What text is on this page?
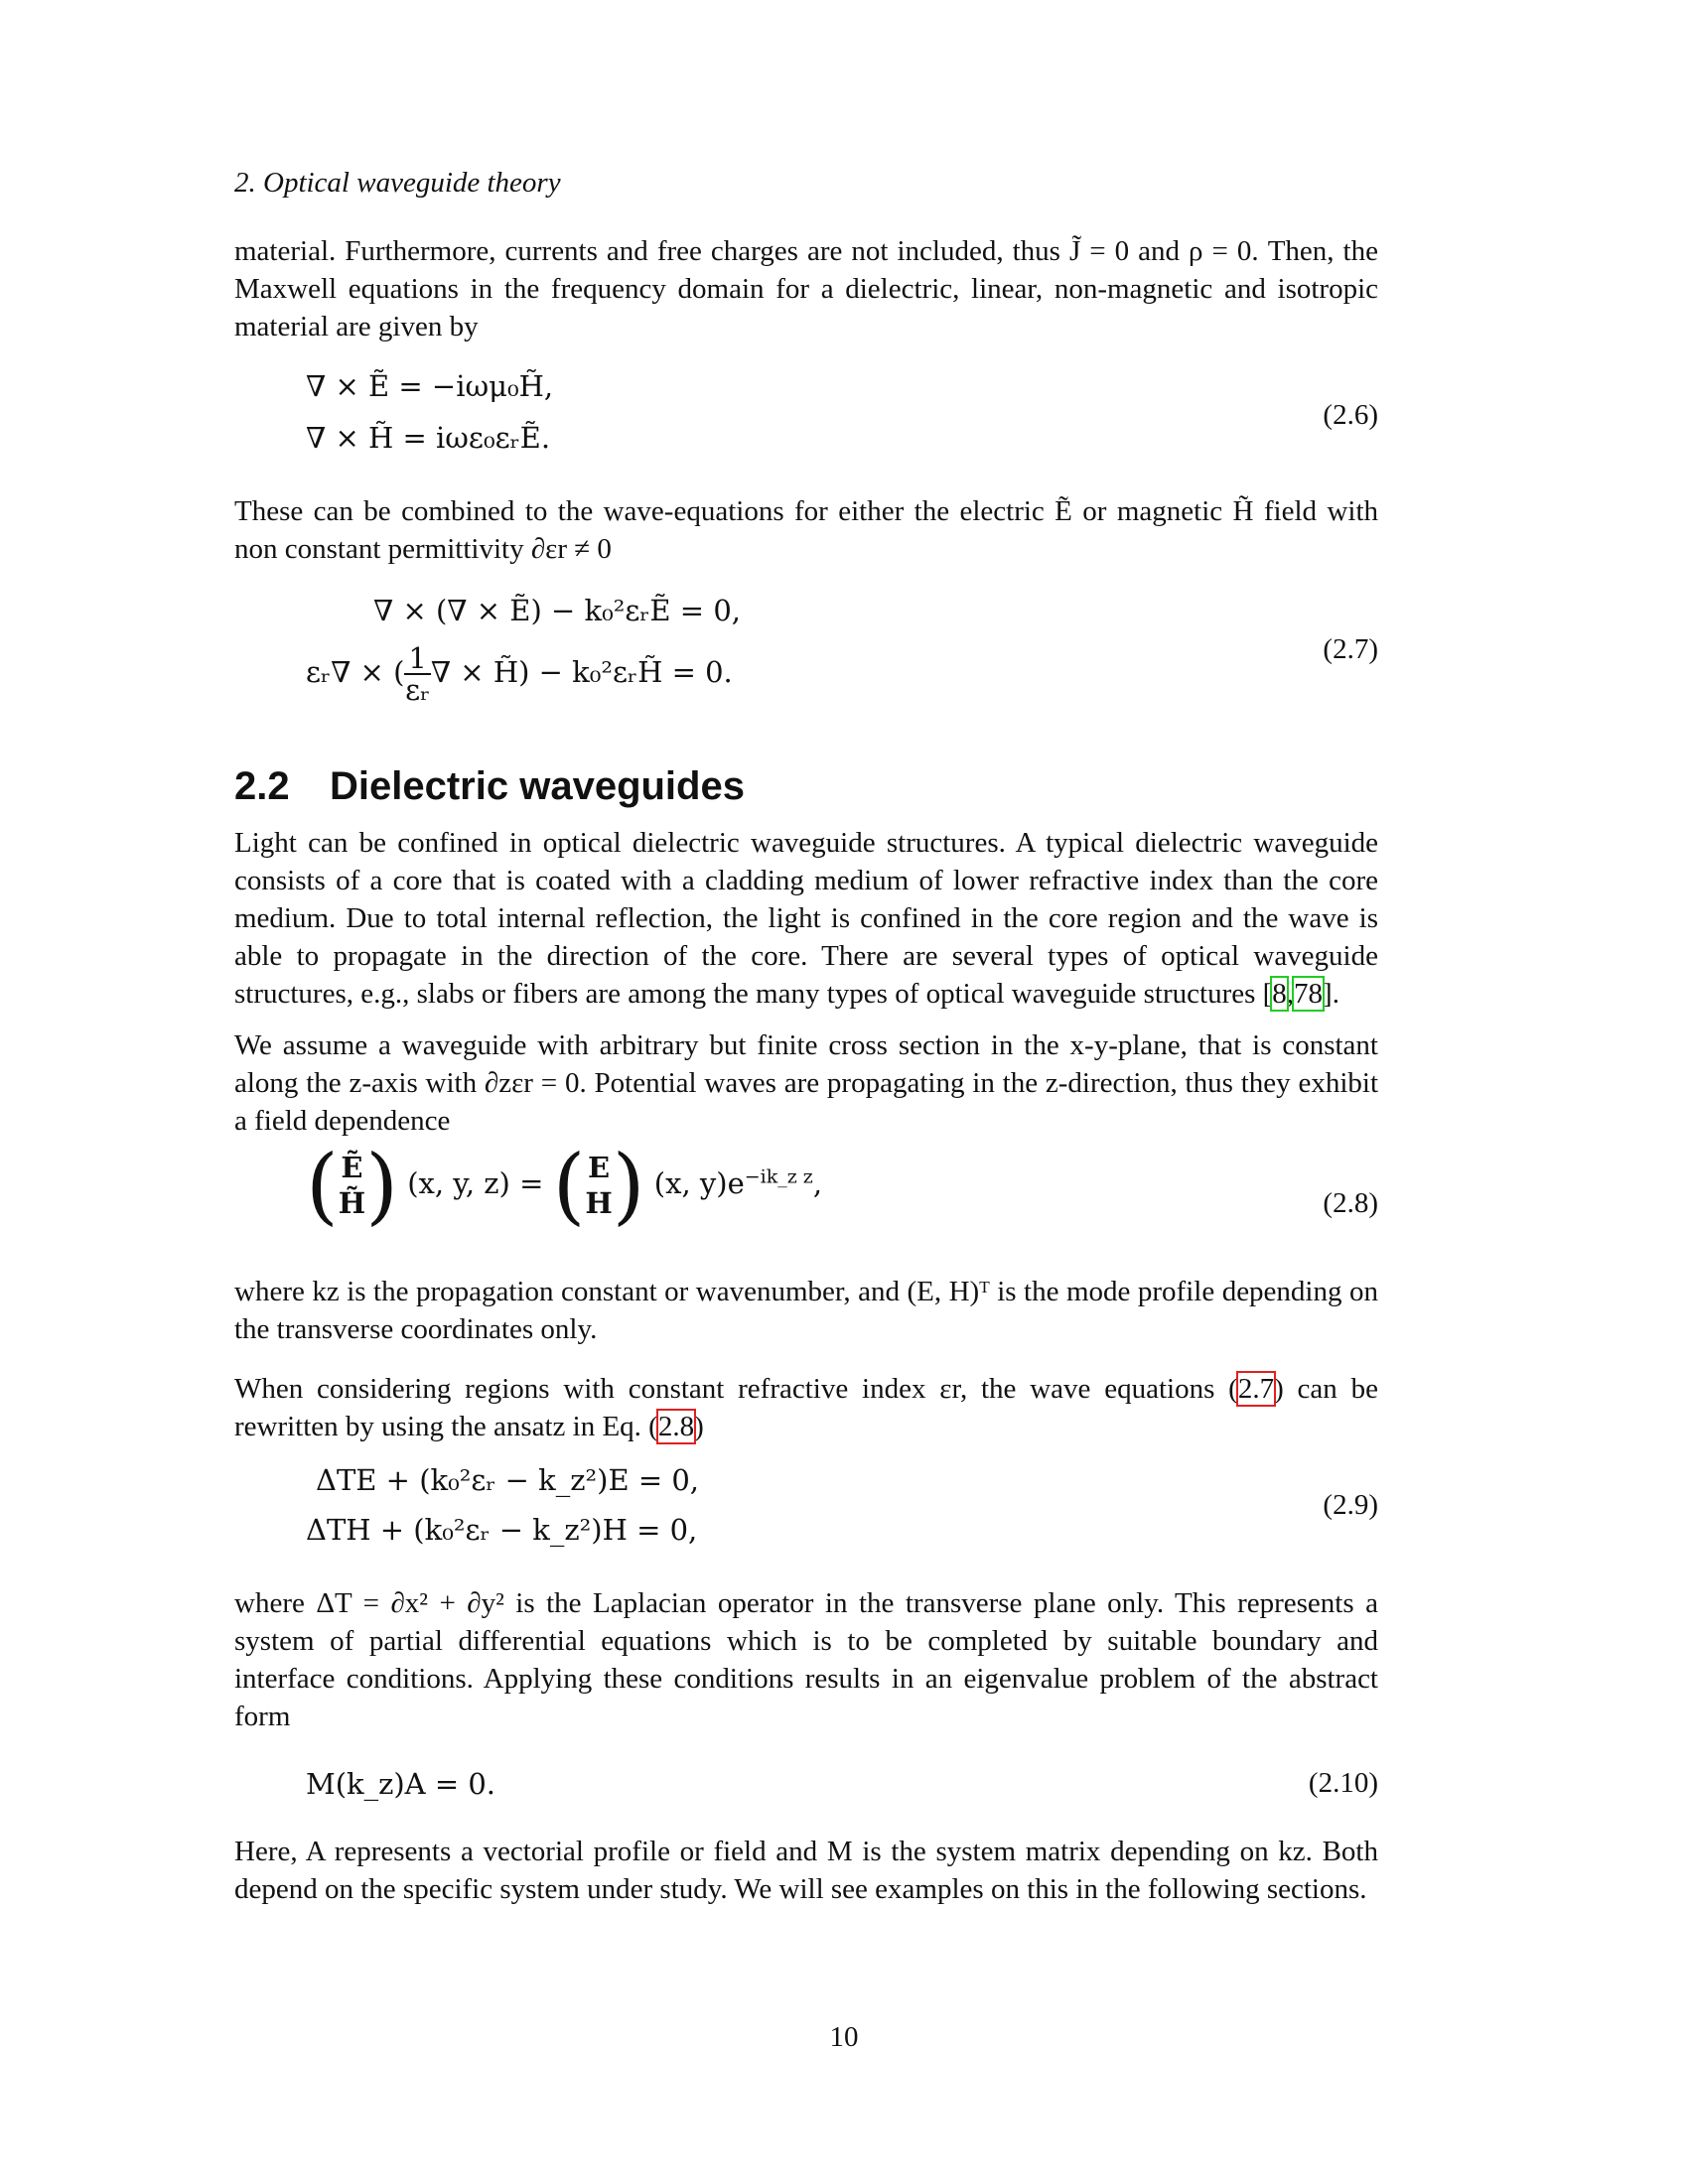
2. Optical waveguide theory

material. Furthermore, currents and free charges are not included, thus J̃ = 0 and ρ = 0. Then, the Maxwell equations in the frequency domain for a dielectric, linear, non-magnetic and isotropic material are given by

∇ × Ẽ = −iωμ₀H̃,
∇ × H̃ = iωε₀εᵣẼ.
(2.6)

These can be combined to the wave-equations for either the electric Ẽ or magnetic H̃ field with non constant permittivity ∂εr ≠ 0

∇ × (∇ × Ẽ) − k₀²εᵣẼ = 0,
εᵣ∇ × ( $\frac{1}{\text{εᵣ}}$ ∇ × H̃) − k₀²εᵣH̃ = 0.
(2.7)
2.2 Dielectric waveguides

Light can be confined in optical dielectric waveguide structures. A typical dielectric waveguide consists of a core that is coated with a cladding medium of lower refractive index than the core medium. Due to total internal reflection, the light is confined in the core region and the wave is able to propagate in the direction of the core. There are several types of optical waveguide structures, e.g., slabs or fibers are among the many types of optical waveguide structures [8,78].

We assume a waveguide with arbitrary but finite cross section in the x-y-plane, that is constant along the z-axis with ∂zεr = 0. Potential waves are propagating in the z-direction, thus they exhibit a field dependence

( Ẽ
H̃ ) (x, y, z) = ( E
H ) (x, $y)e^{-ik\_z z}$,
(2.8)

where kz is the propagation constant or wavenumber, and (E, H)ᵀ is the mode profile depending on the transverse coordinates only.

When considering regions with constant refractive index εr, the wave equations (2.7) can be rewritten by using the ansatz in Eq. (2.8)

ΔTE + (k₀²εᵣ − k_z²)E = 0,
ΔTH + (k₀²εᵣ − k_z²)H = 0,
(2.9)

where ΔT = ∂x² + ∂y² is the Laplacian operator in the transverse plane only. This represents a system of partial differential equations which is to be completed by suitable boundary and interface conditions. Applying these conditions results in an eigenvalue problem of the abstract form

M(k_z)A = 0.	(2.10)

Here, A represents a vectorial profile or field and M is the system matrix depending on kz. Both depend on the specific system under study. We will see examples on this in the following sections.

10
